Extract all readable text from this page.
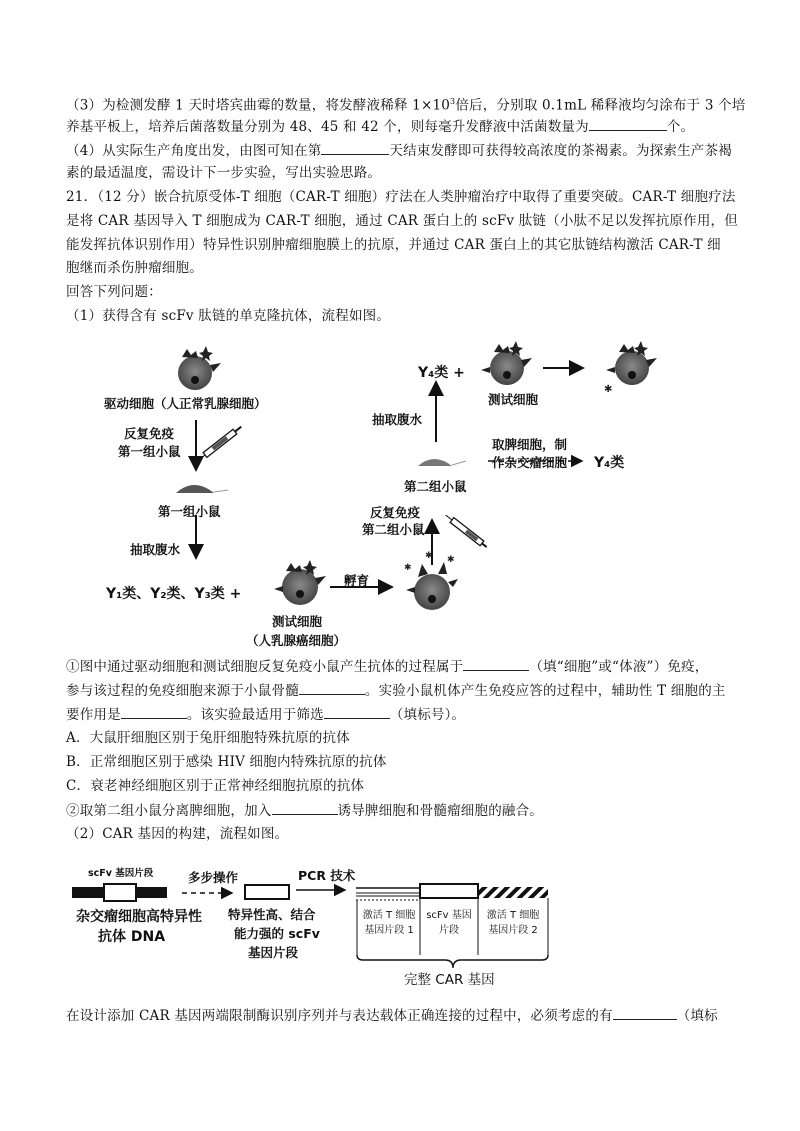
（3）为检测发酵 1 天时塔宾曲霉的数量，将发酵液稀释 $1\times 10^3$倍后，分别取 0.1mL 稀释液均匀涂布于 3 个培
养基平板上，培养后菌落数量分别为 48、45 和 42 个，则每毫升发酵液中活菌数量为	个。
（4）从实际生产角度出发，由图可知在第	天结束发酵即可获得较高浓度的茶褐素。为探索生产茶褐
素的最适温度，需设计下一步实验，写出实验思路。
21．（12 分）嵌合抗原受体-T 细胞（CAR-T 细胞）疗法在人类肿瘤治疗中取得了重要突破。CAR-T 细胞疗法
是将 CAR 基因导入 T 细胞成为 CAR-T 细胞，通过 CAR 蛋白上的 scFv 肽链（小肽不足以发挥抗原作用，但
能发挥抗体识别作用）特异性识别肿瘤细胞膜上的抗原，并通过 CAR 蛋白上的其它肽链结构激活 CAR-T 细
胞继而杀伤肿瘤细胞。
回答下列问题：
（1）获得含有 scFv 肽链的单克隆抗体，流程如图。
✱
✱ ✱
✱
驱动细胞（人正常乳腺细胞）
反复免疫
第一组小鼠
第一组小鼠
抽取腹水
Y₁类、Y₂类、Y₃类 +
测试细胞
（人乳腺癌细胞）
孵育
反复免疫
第二组小鼠
第二组小鼠
抽取腹水
Y₄类 +
测试细胞
取脾细胞，制
作杂交瘤细胞 Y₄类
①图中通过驱动细胞和测试细胞反复免疫小鼠产生抗体的过程属于	（填“细胞”或“体液”）免疫，
参与该过程的免疫细胞来源于小鼠骨髓	。实验小鼠机体产生免疫应答的过程中，辅助性 T 细胞的主
要作用是	。该实验最适用于筛选	（填标号）。
A．大鼠肝细胞区别于兔肝细胞特殊抗原的抗体
B．正常细胞区别于感染 HIV 细胞内特殊抗原的抗体
C．衰老神经细胞区别于正常神经细胞抗原的抗体
②取第二组小鼠分离脾细胞，加入	诱导脾细胞和骨髓瘤细胞的融合。
（2）CAR 基因的构建，流程如图。
scFv 基因片段	多步操作	PCR 技术
杂交瘤细胞高特异性
抗体 DNA
特异性高、结合
能力强的 scFv
基因片段
激活 T 细胞
基因片段 1
scFv 基因
片段
激活 T 细胞
基因片段 2
完整 CAR 基因
在设计添加 CAR 基因两端限制酶识别序列并与表达载体正确连接的过程中，必须考虑的有	（填标
